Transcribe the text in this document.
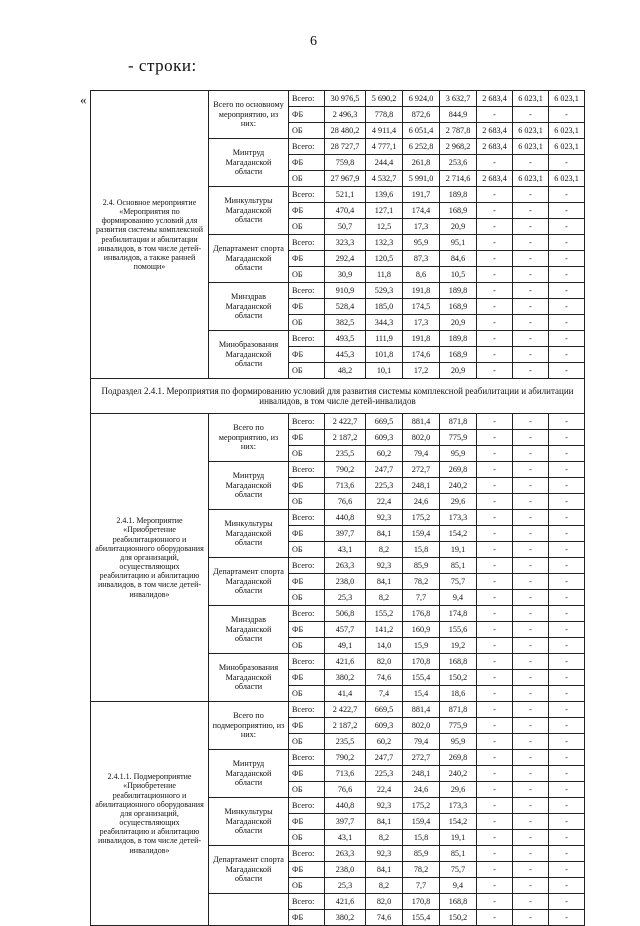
6
- строки:
«
2.4. Основное мероприятие «Мероприятия по формированию условий для развития системы комплексной реабилитации и абилитации инвалидов, в том числе детей-инвалидов, а также ранней помощи»	Всего по основному мероприятию, из них:	Всего:	30 976,5	5 690,2	6 924,0	3 632,7	2 683,4	6 023,1	6 023,1
		ФБ	2 496,3	778,8	872,6	844,9	-	-	-
		ОБ	28 480,2	4 911,4	6 051,4	2 787,8	2 683,4	6 023,1	6 023,1
	Минтруд Магаданской области	Всего:	28 727,7	4 777,1	6 252,8	2 968,2	2 683,4	6 023,1	6 023,1
		ФБ	759,8	244,4	261,8	253,6	-	-	-
		ОБ	27 967,9	4 532,7	5 991,0	2 714,6	2 683,4	6 023,1	6 023,1
	Минкультуры Магаданской области	Всего:	521,1	139,6	191,7	189,8	-	-	-
		ФБ	470,4	127,1	174,4	168,9	-	-	-
		ОБ	50,7	12,5	17,3	20,9	-	-	-
	Департамент спорта Магаданской области	Всего:	323,3	132,3	95,9	95,1	-	-	-
		ФБ	292,4	120,5	87,3	84,6	-	-	-
		ОБ	30,9	11,8	8,6	10,5	-	-	-
	Минздрав Магаданской области	Всего:	910,9	529,3	191,8	189,8	-	-	-
		ФБ	528,4	185,0	174,5	168,9	-	-	-
		ОБ	382,5	344,3	17,3	20,9	-	-	-
	Минобразования Магаданской области	Всего:	493,5	111,9	191,8	189,8	-	-	-
		ФБ	445,3	101,8	174,6	168,9	-	-	-
		ОБ	48,2	10,1	17,2	20,9	-	-	-
Подраздел 2.4.1. Мероприятия по формированию условий для развития системы комплексной реабилитации и абилитации инвалидов, в том числе детей-инвалидов									
2.4.1. Мероприятие «Приобретение реабилитационного и абилитационного оборудования для организаций, осуществляющих реабилитацию и абилитацию инвалидов, в том числе детей-инвалидов»	Всего по мероприятию, из них:	Всего:	2 422,7	669,5	881,4	871,8	-	-	-
		ФБ	2 187,2	609,3	802,0	775,9	-	-	-
		ОБ	235,5	60,2	79,4	95,9	-	-	-
	Минтруд Магаданской области	Всего:	790,2	247,7	272,7	269,8	-	-	-
		ФБ	713,6	225,3	248,1	240,2	-	-	-
		ОБ	76,6	22,4	24,6	29,6	-	-	-
	Минкультуры Магаданской области	Всего:	440,8	92,3	175,2	173,3	-	-	-
		ФБ	397,7	84,1	159,4	154,2	-	-	-
		ОБ	43,1	8,2	15,8	19,1	-	-	-
	Департамент спорта Магаданской области	Всего:	263,3	92,3	85,9	85,1	-	-	-
		ФБ	238,0	84,1	78,2	75,7	-	-	-
		ОБ	25,3	8,2	7,7	9,4	-	-	-
	Минздрав Магаданской области	Всего:	506,8	155,2	176,8	174,8	-	-	-
		ФБ	457,7	141,2	160,9	155,6	-	-	-
		ОБ	49,1	14,0	15,9	19,2	-	-	-
	Минобразования Магаданской области	Всего:	421,6	82,0	170,8	168,8	-	-	-
		ФБ	380,2	74,6	155,4	150,2	-	-	-
		ОБ	41,4	7,4	15,4	18,6	-	-	-
2.4.1.1. Подмероприятие «Приобретение реабилитационного и абилитационного оборудования для организаций, осуществляющих реабилитацию и абилитацию инвалидов, в том числе детей-инвалидов»	Всего по подмероприятию, из них:	Всего:	2 422,7	669,5	881,4	871,8	-	-	-
		ФБ	2 187,2	609,3	802,0	775,9	-	-	-
		ОБ	235,5	60,2	79,4	95,9	-	-	-
	Минтруд Магаданской области	Всего:	790,2	247,7	272,7	269,8	-	-	-
		ФБ	713,6	225,3	248,1	240,2	-	-	-
		ОБ	76,6	22,4	24,6	29,6	-	-	-
	Минкультуры Магаданской области	Всего:	440,8	92,3	175,2	173,3	-	-	-
		ФБ	397,7	84,1	159,4	154,2	-	-	-
		ОБ	43,1	8,2	15,8	19,1	-	-	-
	Департамент спорта Магаданской области	Всего:	263,3	92,3	85,9	85,1	-	-	-
		ФБ	238,0	84,1	78,2	75,7	-	-	-
		ОБ	25,3	8,2	7,7	9,4	-	-	-
		Всего:	421,6	82,0	170,8	168,8	-	-	-
		ФБ	380,2	74,6	155,4	150,2	-	-	-
